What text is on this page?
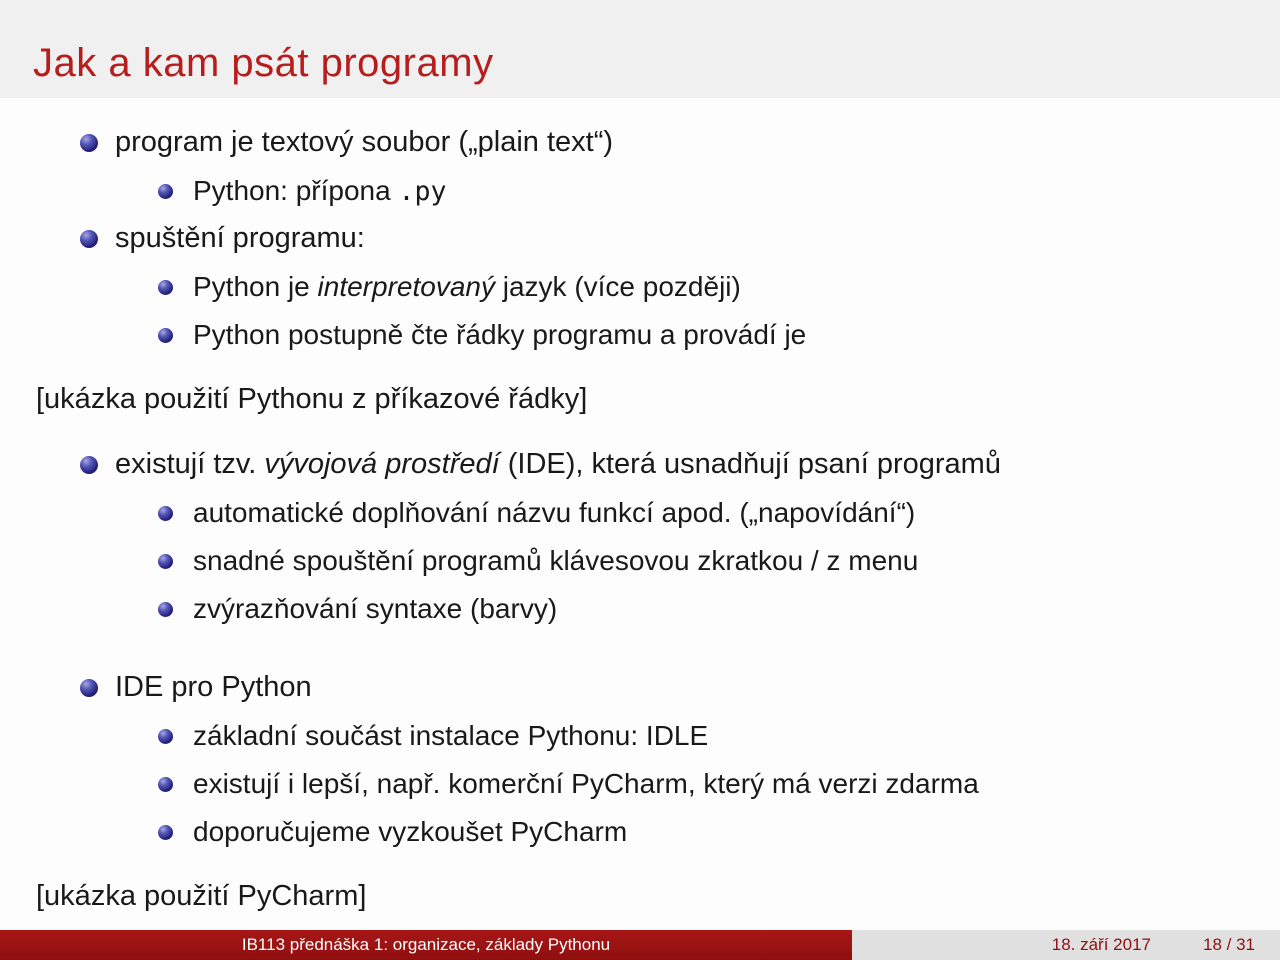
Jak a kam psát programy
program je textový soubor („plain text“)
Python: přípona .py
spuštění programu:
Python je interpretovaný jazyk (více později)
Python postupně čte řádky programu a provádí je
[ukázka použití Pythonu z příkazové řádky]
existují tzv. vývojová prostředí (IDE), která usnadňují psaní programů
automatické doplňování názvu funkcí apod. („napovídání“)
snadné spouštění programů klávesovou zkratkou / z menu
zvýrazňování syntaxe (barvy)
IDE pro Python
základní součást instalace Pythonu: IDLE
existují i lepší, např. komerční PyCharm, který má verzi zdarma
doporučujeme vyzkoušet PyCharm
[ukázka použití PyCharm]
IB113 přednáška 1: organizace, základy Pythonu	18. září 2017	18 / 31
